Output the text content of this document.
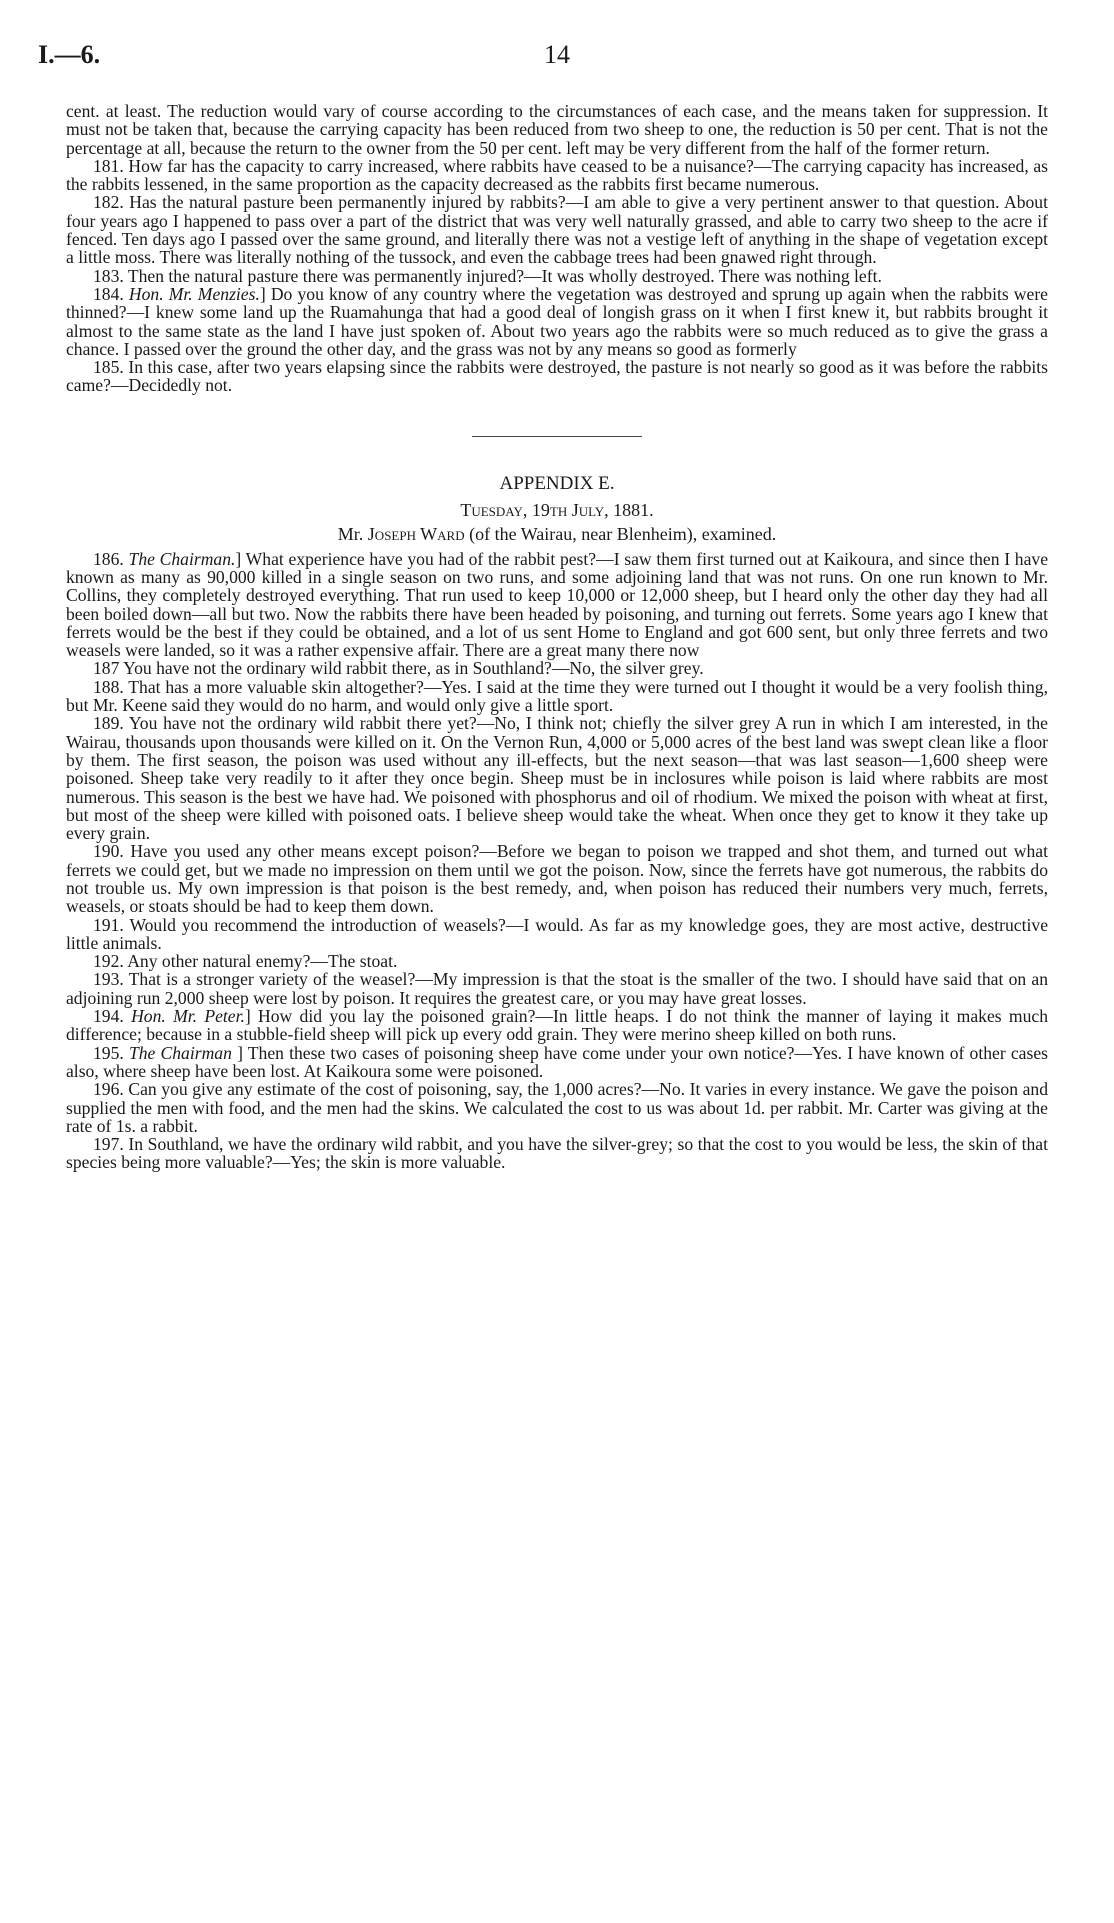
I.—6.	14

cent. at least. The reduction would vary of course according to the circumstances of each case, and the means taken for suppression. It must not be taken that, because the carrying capacity has been reduced from two sheep to one, the reduction is 50 per cent. That is not the percentage at all, because the return to the owner from the 50 per cent. left may be very different from the half of the former return.

181. How far has the capacity to carry increased, where rabbits have ceased to be a nuisance?—The carrying capacity has increased, as the rabbits lessened, in the same proportion as the capacity decreased as the rabbits first became numerous.

182. Has the natural pasture been permanently injured by rabbits?—I am able to give a very pertinent answer to that question. About four years ago I happened to pass over a part of the district that was very well naturally grassed, and able to carry two sheep to the acre if fenced. Ten days ago I passed over the same ground, and literally there was not a vestige left of anything in the shape of vegetation except a little moss. There was literally nothing of the tussock, and even the cabbage trees had been gnawed right through.

183. Then the natural pasture there was permanently injured?—It was wholly destroyed. There was nothing left.

184. Hon. Mr. Menzies.] Do you know of any country where the vegetation was destroyed and sprung up again when the rabbits were thinned?—I knew some land up the Ruamahunga that had a good deal of longish grass on it when I first knew it, but rabbits brought it almost to the same state as the land I have just spoken of. About two years ago the rabbits were so much reduced as to give the grass a chance. I passed over the ground the other day, and the grass was not by any means so good as formerly

185. In this case, after two years elapsing since the rabbits were destroyed, the pasture is not nearly so good as it was before the rabbits came?—Decidedly not.

APPENDIX E.
Tuesday, 19th July, 1881.
Mr. Joseph Ward (of the Wairau, near Blenheim), examined.

186. The Chairman.] What experience have you had of the rabbit pest?—I saw them first turned out at Kaikoura, and since then I have known as many as 90,000 killed in a single season on two runs, and some adjoining land that was not runs. On one run known to Mr. Collins, they completely destroyed everything. That run used to keep 10,000 or 12,000 sheep, but I heard only the other day they had all been boiled down—all but two. Now the rabbits there have been headed by poisoning, and turning out ferrets. Some years ago I knew that ferrets would be the best if they could be obtained, and a lot of us sent Home to England and got 600 sent, but only three ferrets and two weasels were landed, so it was a rather expensive affair. There are a great many there now

187 You have not the ordinary wild rabbit there, as in Southland?—No, the silver grey.

188. That has a more valuable skin altogether?—Yes. I said at the time they were turned out I thought it would be a very foolish thing, but Mr. Keene said they would do no harm, and would only give a little sport.

189. You have not the ordinary wild rabbit there yet?—No, I think not; chiefly the silver grey A run in which I am interested, in the Wairau, thousands upon thousands were killed on it. On the Vernon Run, 4,000 or 5,000 acres of the best land was swept clean like a floor by them. The first season, the poison was used without any ill-effects, but the next season—that was last season—1,600 sheep were poisoned. Sheep take very readily to it after they once begin. Sheep must be in inclosures while poison is laid where rabbits are most numerous. This season is the best we have had. We poisoned with phosphorus and oil of rhodium. We mixed the poison with wheat at first, but most of the sheep were killed with poisoned oats. I believe sheep would take the wheat. When once they get to know it they take up every grain.

190. Have you used any other means except poison?—Before we began to poison we trapped and shot them, and turned out what ferrets we could get, but we made no impression on them until we got the poison. Now, since the ferrets have got numerous, the rabbits do not trouble us. My own impression is that poison is the best remedy, and, when poison has reduced their numbers very much, ferrets, weasels, or stoats should be had to keep them down.

191. Would you recommend the introduction of weasels?—I would. As far as my knowledge goes, they are most active, destructive little animals.

192. Any other natural enemy?—The stoat.

193. That is a stronger variety of the weasel?—My impression is that the stoat is the smaller of the two. I should have said that on an adjoining run 2,000 sheep were lost by poison. It requires the greatest care, or you may have great losses.

194. Hon. Mr. Peter.] How did you lay the poisoned grain?—In little heaps. I do not think the manner of laying it makes much difference; because in a stubble-field sheep will pick up every odd grain. They were merino sheep killed on both runs.

195. The Chairman ] Then these two cases of poisoning sheep have come under your own notice?—Yes. I have known of other cases also, where sheep have been lost. At Kaikoura some were poisoned.

196. Can you give any estimate of the cost of poisoning, say, the 1,000 acres?—No. It varies in every instance. We gave the poison and supplied the men with food, and the men had the skins. We calculated the cost to us was about 1d. per rabbit. Mr. Carter was giving at the rate of 1s. a rabbit.

197. In Southland, we have the ordinary wild rabbit, and you have the silver-grey; so that the cost to you would be less, the skin of that species being more valuable?—Yes; the skin is more valuable.
